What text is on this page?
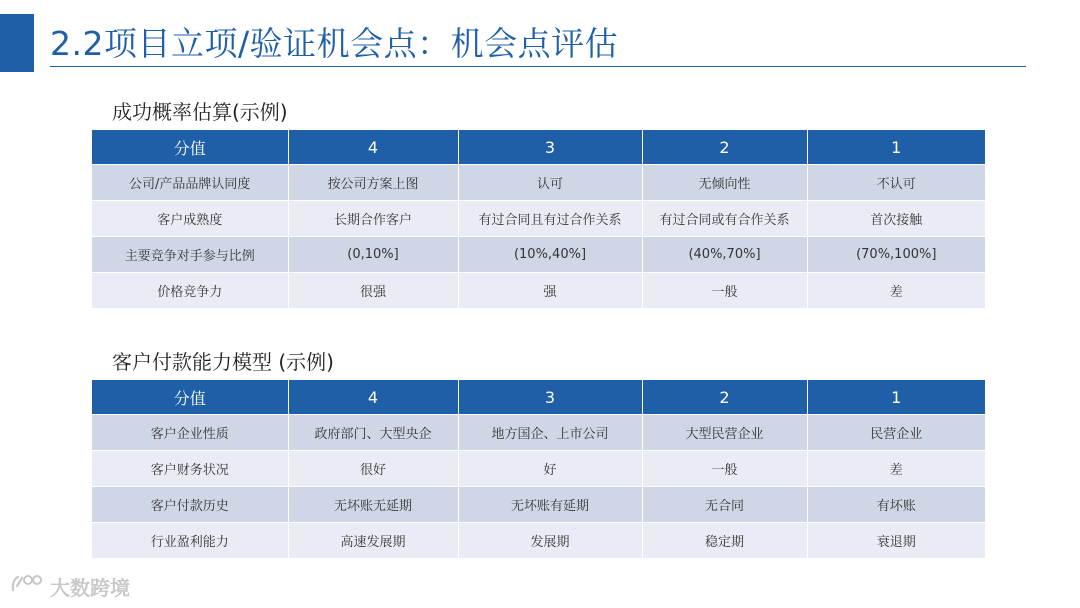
2.2项目立项/验证机会点：机会点评估
成功概率估算(示例)
分值	4	3	2	1
公司/产品品牌认同度	按公司方案上图	认可	无倾向性	不认可
客户成熟度	长期合作客户	有过合同且有过合作关系	有过合同或有合作关系	首次接触
主要竞争对手参与比例	(0,10%]	(10%,40%]	(40%,70%]	(70%,100%]
价格竞争力	很强	强	一般	差
客户付款能力模型 (示例)
分值	4	3	2	1
客户企业性质	政府部门、大型央企	地方国企、上市公司	大型民营企业	民营企业
客户财务状况	很好	好	一般	差
客户付款历史	无坏账无延期	无坏账有延期	无合同	有坏账
行业盈利能力	高速发展期	发展期	稳定期	衰退期
大数跨境
